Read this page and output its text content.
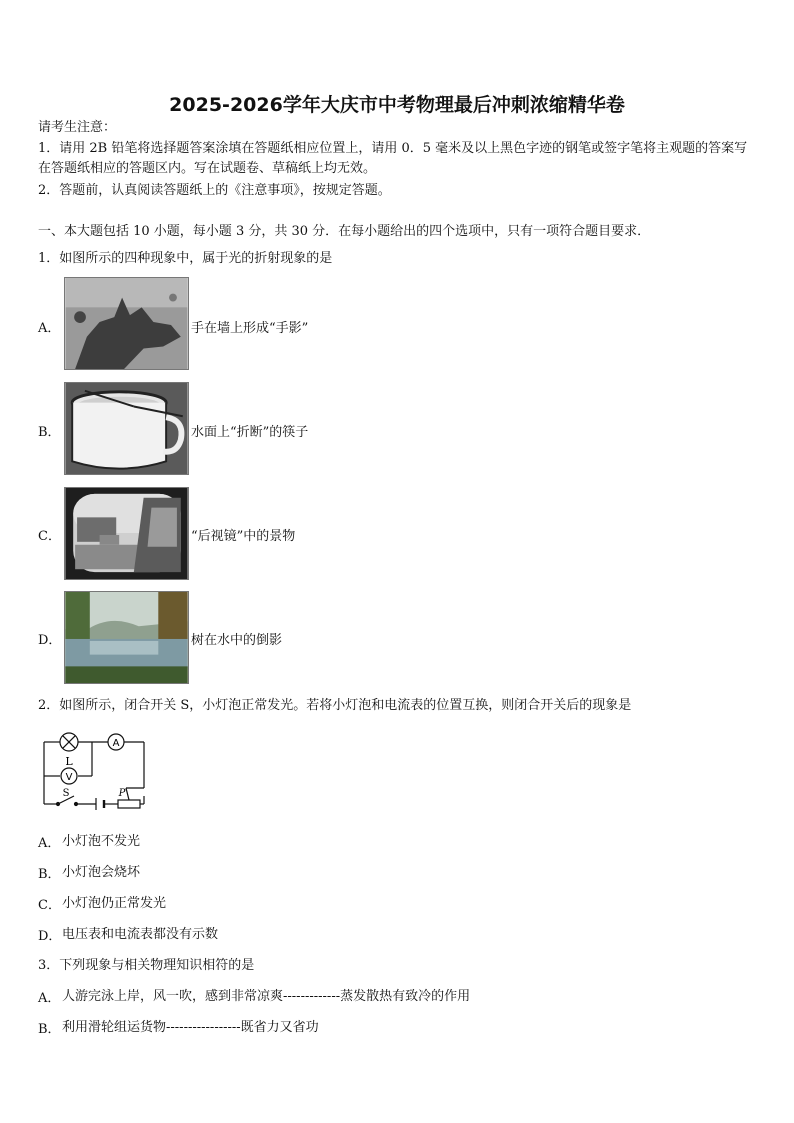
2025-2026学年大庆市中考物理最后冲刺浓缩精华卷
请考生注意：
1．请用 2B 铅笔将选择题答案涂填在答题纸相应位置上，请用 0．5 毫米及以上黑色字迹的钢笔或签字笔将主观题的答案写在答题纸相应的答题区内。写在试题卷、草稿纸上均无效。
2．答题前，认真阅读答题纸上的《注意事项》，按规定答题。
一、本大题包括 10 小题，每小题 3 分，共 30 分．在每小题给出的四个选项中，只有一项符合题目要求．
1．如图所示的四种现象中，属于光的折射现象的是
A．	手在墙上形成“手影”
B．	水面上“折断”的筷子
C．	“后视镜”中的景物
D．	树在水中的倒影
2．如图所示，闭合开关 S，小灯泡正常发光。若将小灯泡和电流表的位置互换，则闭合开关后的现象是
A
V
L
S	P
A． 小灯泡不发光
B． 小灯泡会烧坏
C． 小灯泡仍正常发光
D． 电压表和电流表都没有示数
3．下列现象与相关物理知识相符的是
A． 人游完泳上岸，风一吹，感到非常凉爽-------------蒸发散热有致冷的作用
B． 利用滑轮组运货物-----------------既省力又省功
